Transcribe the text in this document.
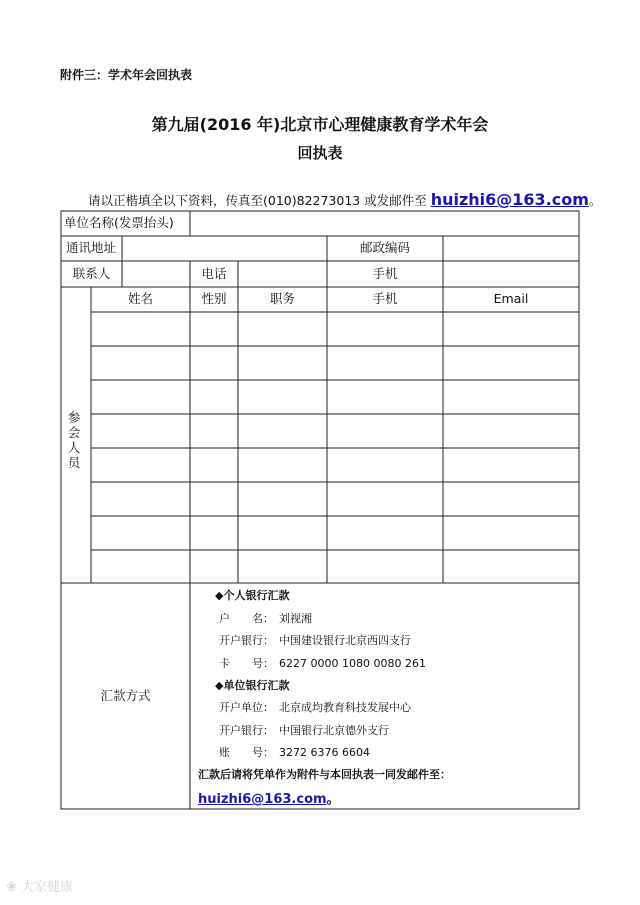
附件三：学术年会回执表
第九届(2016 年)北京市心理健康教育学术年会
回执表
请以正楷填全以下资料，传真至(010)82273013 或发邮件至 huizhi6@163.com。
单位名称(发票抬头)
通讯地址	邮政编码
联系人	电话	手机
姓名	性别	职务	手机	Email
参会人员
汇款方式
◆个人银行汇款
户　　名： 刘视湘
开户银行： 中国建设银行北京西四支行
卡　　号： 6227 0000 1080 0080 261
◆单位银行汇款
开户单位： 北京成均教育科技发展中心
开户银行： 中国银行北京德外支行
账　　号： 3272 6376 6604
汇款后请将凭单作为附件与本回执表一同发邮件至：
huizhi6@163.com。
❀ 大家健康
